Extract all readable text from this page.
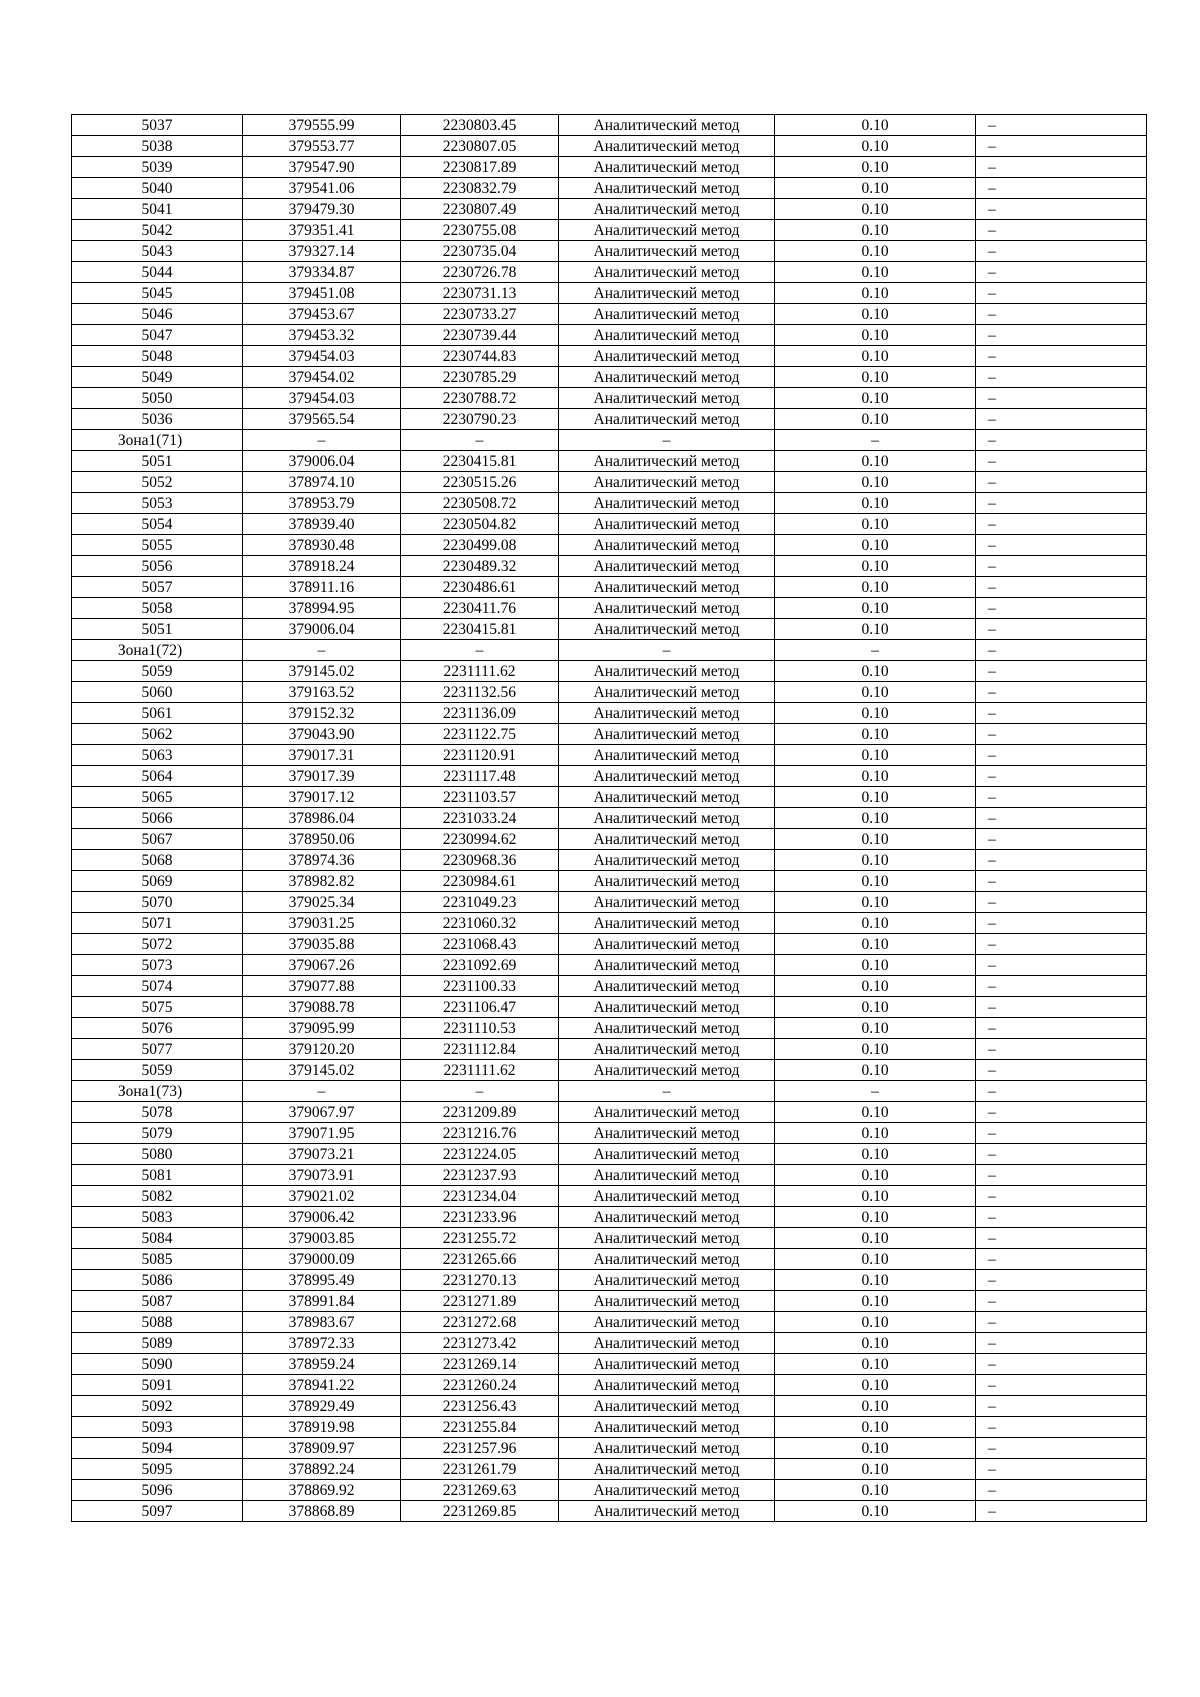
5037	379555.99	2230803.45	Аналитический метод	0.10	–
5038	379553.77	2230807.05	Аналитический метод	0.10	–
5039	379547.90	2230817.89	Аналитический метод	0.10	–
5040	379541.06	2230832.79	Аналитический метод	0.10	–
5041	379479.30	2230807.49	Аналитический метод	0.10	–
5042	379351.41	2230755.08	Аналитический метод	0.10	–
5043	379327.14	2230735.04	Аналитический метод	0.10	–
5044	379334.87	2230726.78	Аналитический метод	0.10	–
5045	379451.08	2230731.13	Аналитический метод	0.10	–
5046	379453.67	2230733.27	Аналитический метод	0.10	–
5047	379453.32	2230739.44	Аналитический метод	0.10	–
5048	379454.03	2230744.83	Аналитический метод	0.10	–
5049	379454.02	2230785.29	Аналитический метод	0.10	–
5050	379454.03	2230788.72	Аналитический метод	0.10	–
5036	379565.54	2230790.23	Аналитический метод	0.10	–
Зона1(71)	–	–	–	–	–
5051	379006.04	2230415.81	Аналитический метод	0.10	–
5052	378974.10	2230515.26	Аналитический метод	0.10	–
5053	378953.79	2230508.72	Аналитический метод	0.10	–
5054	378939.40	2230504.82	Аналитический метод	0.10	–
5055	378930.48	2230499.08	Аналитический метод	0.10	–
5056	378918.24	2230489.32	Аналитический метод	0.10	–
5057	378911.16	2230486.61	Аналитический метод	0.10	–
5058	378994.95	2230411.76	Аналитический метод	0.10	–
5051	379006.04	2230415.81	Аналитический метод	0.10	–
Зона1(72)	–	–	–	–	–
5059	379145.02	2231111.62	Аналитический метод	0.10	–
5060	379163.52	2231132.56	Аналитический метод	0.10	–
5061	379152.32	2231136.09	Аналитический метод	0.10	–
5062	379043.90	2231122.75	Аналитический метод	0.10	–
5063	379017.31	2231120.91	Аналитический метод	0.10	–
5064	379017.39	2231117.48	Аналитический метод	0.10	–
5065	379017.12	2231103.57	Аналитический метод	0.10	–
5066	378986.04	2231033.24	Аналитический метод	0.10	–
5067	378950.06	2230994.62	Аналитический метод	0.10	–
5068	378974.36	2230968.36	Аналитический метод	0.10	–
5069	378982.82	2230984.61	Аналитический метод	0.10	–
5070	379025.34	2231049.23	Аналитический метод	0.10	–
5071	379031.25	2231060.32	Аналитический метод	0.10	–
5072	379035.88	2231068.43	Аналитический метод	0.10	–
5073	379067.26	2231092.69	Аналитический метод	0.10	–
5074	379077.88	2231100.33	Аналитический метод	0.10	–
5075	379088.78	2231106.47	Аналитический метод	0.10	–
5076	379095.99	2231110.53	Аналитический метод	0.10	–
5077	379120.20	2231112.84	Аналитический метод	0.10	–
5059	379145.02	2231111.62	Аналитический метод	0.10	–
Зона1(73)	–	–	–	–	–
5078	379067.97	2231209.89	Аналитический метод	0.10	–
5079	379071.95	2231216.76	Аналитический метод	0.10	–
5080	379073.21	2231224.05	Аналитический метод	0.10	–
5081	379073.91	2231237.93	Аналитический метод	0.10	–
5082	379021.02	2231234.04	Аналитический метод	0.10	–
5083	379006.42	2231233.96	Аналитический метод	0.10	–
5084	379003.85	2231255.72	Аналитический метод	0.10	–
5085	379000.09	2231265.66	Аналитический метод	0.10	–
5086	378995.49	2231270.13	Аналитический метод	0.10	–
5087	378991.84	2231271.89	Аналитический метод	0.10	–
5088	378983.67	2231272.68	Аналитический метод	0.10	–
5089	378972.33	2231273.42	Аналитический метод	0.10	–
5090	378959.24	2231269.14	Аналитический метод	0.10	–
5091	378941.22	2231260.24	Аналитический метод	0.10	–
5092	378929.49	2231256.43	Аналитический метод	0.10	–
5093	378919.98	2231255.84	Аналитический метод	0.10	–
5094	378909.97	2231257.96	Аналитический метод	0.10	–
5095	378892.24	2231261.79	Аналитический метод	0.10	–
5096	378869.92	2231269.63	Аналитический метод	0.10	–
5097	378868.89	2231269.85	Аналитический метод	0.10	–
